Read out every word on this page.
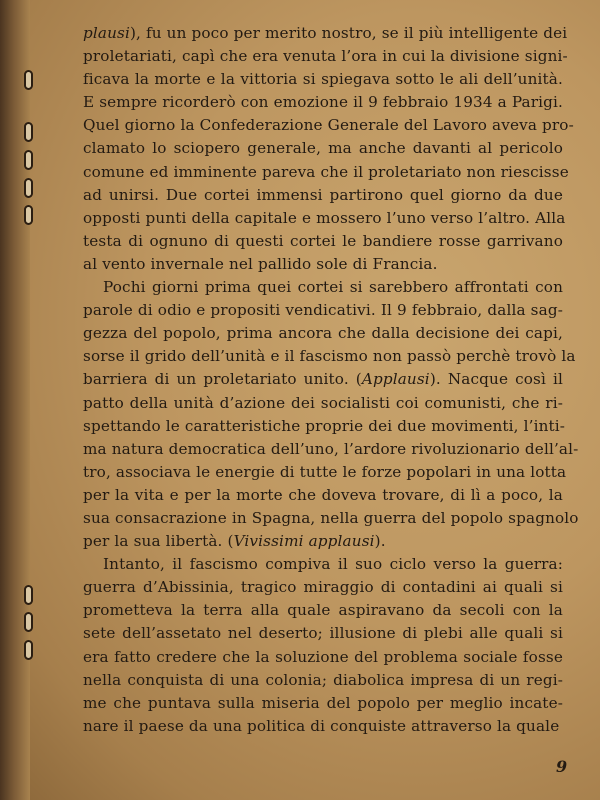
plausi), fu un poco per merito nostro, se il più intelligente dei
proletariati, capì che era venuta l’ora in cui la divisione signi-
ficava la morte e la vittoria si spiegava sotto le ali dell’unità.
E sempre ricorderò con emozione il 9 febbraio 1934 a Parigi.
Quel giorno la Confederazione Generale del Lavoro aveva pro-
clamato lo sciopero generale, ma anche davanti al pericolo
comune ed imminente pareva che il proletariato non riescisse
ad unirsi. Due cortei immensi partirono quel giorno da due
opposti punti della capitale e mossero l’uno verso l’altro. Alla
testa di ognuno di questi cortei le bandiere rosse garrivano
al vento invernale nel pallido sole di Francia.
Pochi giorni prima quei cortei si sarebbero affrontati con
parole di odio e propositi vendicativi. Il 9 febbraio, dalla sag-
gezza del popolo, prima ancora che dalla decisione dei capi,
sorse il grido dell’unità e il fascismo non passò perchè trovò la
barriera di un proletariato unito. (Applausi). Nacque così il
patto della unità d’azione dei socialisti coi comunisti, che ri-
spettando le caratteristiche proprie dei due movimenti, l’inti-
ma natura democratica dell’uno, l’ardore rivoluzionario dell’al-
tro, associava le energie di tutte le forze popolari in una lotta
per la vita e per la morte che doveva trovare, di lì a poco, la
sua consacrazione in Spagna, nella guerra del popolo spagnolo
per la sua libertà. (Vivissimi applausi).
Intanto, il fascismo compiva il suo ciclo verso la guerra:
guerra d’Abissinia, tragico miraggio di contadini ai quali si
prometteva la terra alla quale aspiravano da secoli con la
sete dell’assetato nel deserto; illusione di plebi alle quali si
era fatto credere che la soluzione del problema sociale fosse
nella conquista di una colonia; diabolica impresa di un regi-
me che puntava sulla miseria del popolo per meglio incate-
nare il paese da una politica di conquiste attraverso la quale
9
